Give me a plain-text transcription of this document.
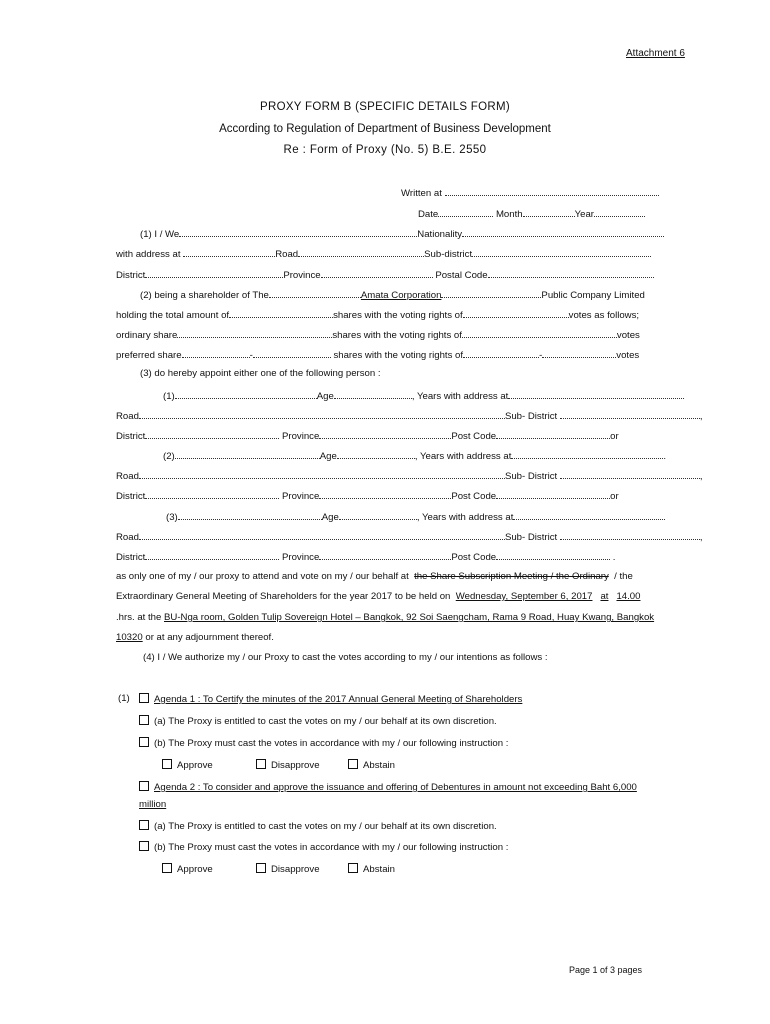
Attachment 6
PROXY FORM B (SPECIFIC DETAILS FORM)
According to Regulation of Department of Business Development
Re : Form of Proxy (No. 5) B.E. 2550
Written at
Date	Month	Year
(1) I / We	Nationality
with address at	Road	Sub-district
District	Province	Postal Code
(2) being a shareholder of The	Amata Corporation	Public Company Limited
holding the total amount of	shares with the voting rights of	votes as follows;
ordinary share	shares with the voting rights of	votes
preferred share	-	shares with the voting rights of	-	votes
(3) do hereby appoint either one of the following person :
(1)	Age	, Years with address at
Road	Sub- District	,
District	Province	Post Code	or
(2)	Age	, Years with address at	.
Road	Sub- District	,
District	Province	Post Code	or
(3)	Age	, Years with address at
Road	Sub- District	,
District	Province	Post Code	.
as only one of my / our proxy to attend and vote on my / our behalf at the Share Subscription Meeting / the Ordinary / the
Extraordinary General Meeting of Shareholders for the year 2017 to be held on Wednesday, September 6, 2017 at 14.00
.hrs. at the BU-Nga room, Golden Tulip Sovereign Hotel – Bangkok, 92 Soi Saengcham, Rama 9 Road, Huay Kwang, Bangkok
10320 or at any adjournment thereof.
(4) I / We authorize my / our Proxy to cast the votes according to my / our intentions as follows :
(1)	Agenda 1 : To Certify the minutes of the 2017 Annual General Meeting of Shareholders
(a) The Proxy is entitled to cast the votes on my / our behalf at its own discretion.
(b) The Proxy must cast the votes in accordance with my / our following instruction :
Approve	Disapprove	Abstain
Agenda 2 : To consider and approve the issuance and offering of Debentures in amount not exceeding Baht 6,000
million
(a) The Proxy is entitled to cast the votes on my / our behalf at its own discretion.
(b) The Proxy must cast the votes in accordance with my / our following instruction :
Approve	Disapprove	Abstain
Page 1 of 3 pages
